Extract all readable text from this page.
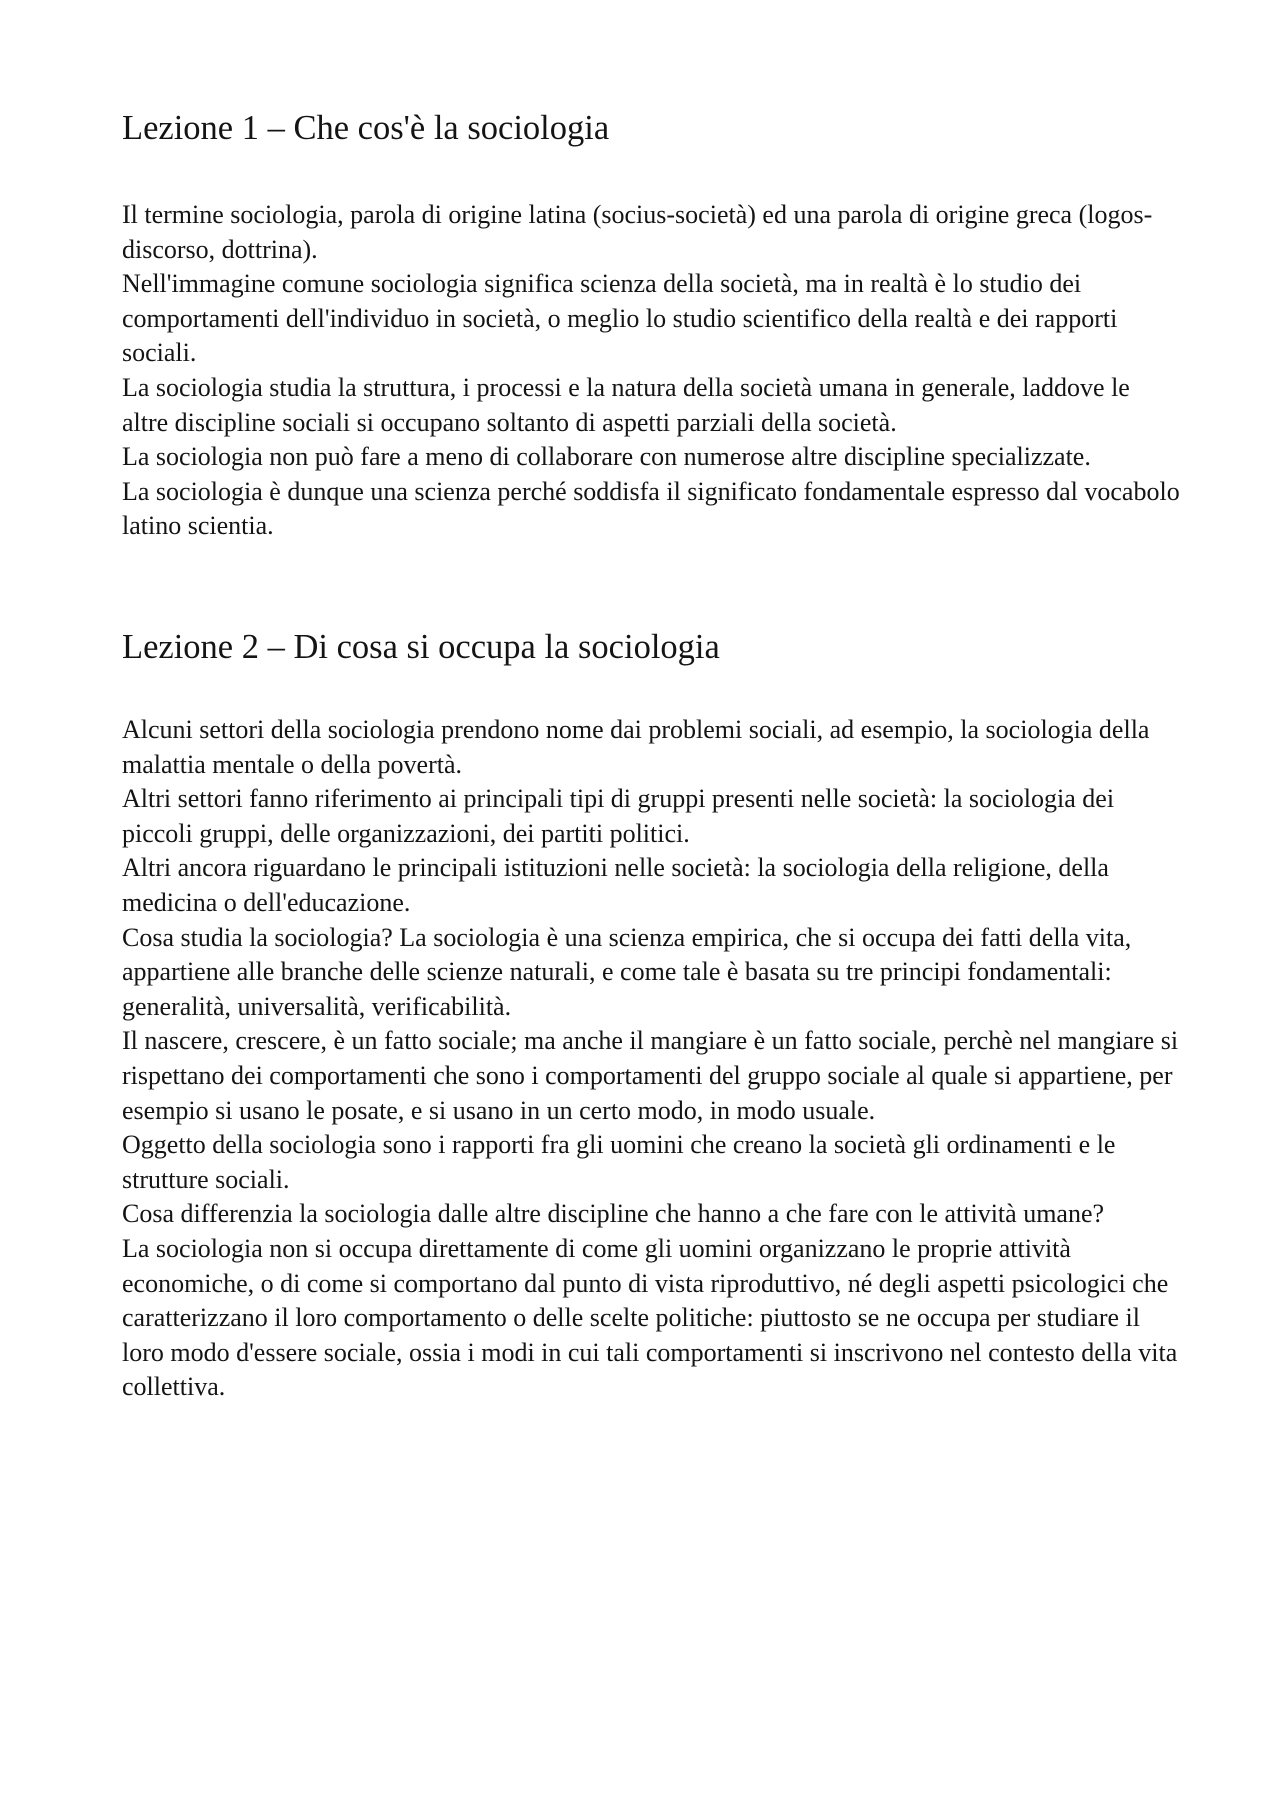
Lezione 1 – Che cos'è la sociologia

Il termine sociologia, parola di origine latina (socius-società) ed una parola di origine greca (logos-discorso, dottrina).

Nell'immagine comune sociologia significa scienza della società, ma in realtà è lo studio dei comportamenti dell'individuo in società, o meglio lo studio scientifico della realtà e dei rapporti sociali.

La sociologia studia la struttura, i processi e la natura della società umana in generale, laddove le altre discipline sociali si occupano soltanto di aspetti parziali della società.

La sociologia non può fare a meno di collaborare con numerose altre discipline specializzate.

La sociologia è dunque una scienza perché soddisfa il significato fondamentale espresso dal vocabolo latino scientia.

Lezione 2 – Di cosa si occupa la sociologia

Alcuni settori della sociologia prendono nome dai problemi sociali, ad esempio, la sociologia della malattia mentale o della povertà.

Altri settori fanno riferimento ai principali tipi di gruppi presenti nelle società: la sociologia dei piccoli gruppi, delle organizzazioni, dei partiti politici.

Altri ancora riguardano le principali istituzioni nelle società: la sociologia della religione, della medicina o dell'educazione.

Cosa studia la sociologia? La sociologia è una scienza empirica, che si occupa dei fatti della vita, appartiene alle branche delle scienze naturali, e come tale è basata su tre principi fondamentali: generalità, universalità, verificabilità.

Il nascere, crescere, è un fatto sociale; ma anche il mangiare è un fatto sociale, perchè nel mangiare si rispettano dei comportamenti che sono i comportamenti del gruppo sociale al quale si appartiene, per esempio si usano le posate, e si usano in un certo modo, in modo usuale.

Oggetto della sociologia sono i rapporti fra gli uomini che creano la società gli ordinamenti e le strutture sociali.

Cosa differenzia la sociologia dalle altre discipline che hanno a che fare con le attività umane?

La sociologia non si occupa direttamente di come gli uomini organizzano le proprie attività economiche, o di come si comportano dal punto di vista riproduttivo, né degli aspetti psicologici che caratterizzano il loro comportamento o delle scelte politiche: piuttosto se ne occupa per studiare il loro modo d'essere sociale, ossia i modi in cui tali comportamenti si inscrivono nel contesto della vita collettiva.
